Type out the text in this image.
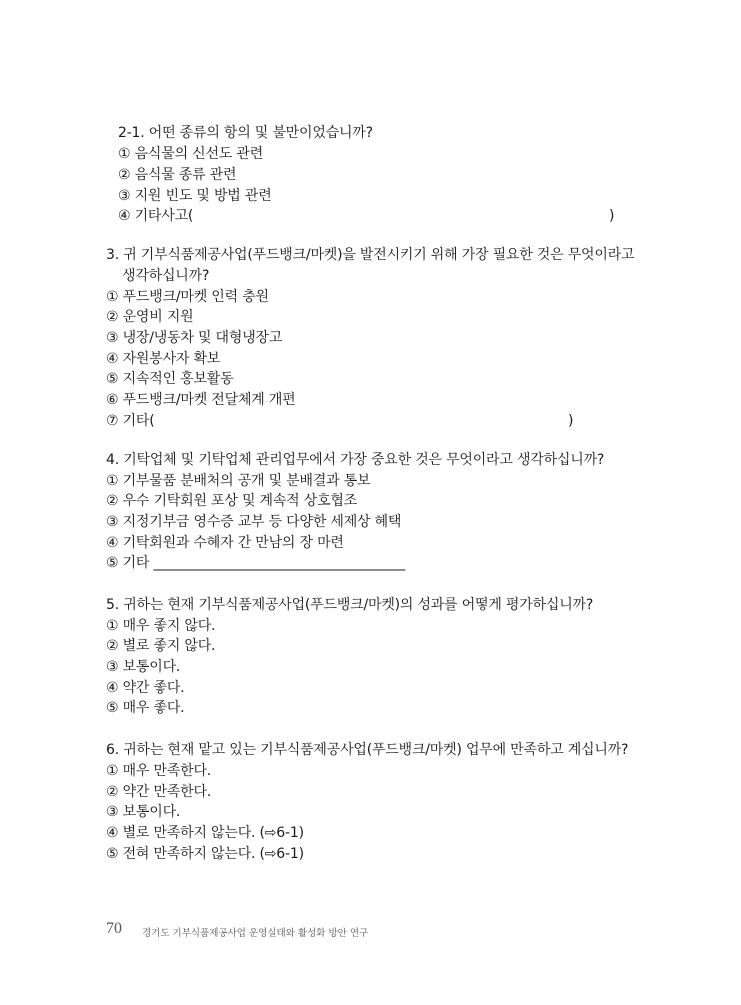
2-1. 어떤 종류의 항의 및 불만이었습니까?
① 음식물의 신선도 관련
② 음식물 종류 관련
③ 지원 빈도 및 방법 관련
④ 기타사고(	)
3. 귀 기부식품제공사업(푸드뱅크/마켓)을 발전시키기 위해 가장 필요한 것은 무엇이라고
생각하십니까?
① 푸드뱅크/마켓 인력 충원
② 운영비 지원
③ 냉장/냉동차 및 대형냉장고
④ 자원봉사자 확보
⑤ 지속적인 홍보활동
⑥ 푸드뱅크/마켓 전달체계 개편
⑦ 기타(	)
4. 기탁업체 및 기탁업체 관리업무에서 가장 중요한 것은 무엇이라고 생각하십니까?
① 기부물품 분배처의 공개 및 분배결과 통보
② 우수 기탁회원 포상 및 계속적 상호협조
③ 지정기부금 영수증 교부 등 다양한 세제상 혜택
④ 기탁회원과 수혜자 간 만남의 장 마련
⑤ 기타 _____________________________________
5. 귀하는 현재 기부식품제공사업(푸드뱅크/마켓)의 성과를 어떻게 평가하십니까?
① 매우 좋지 않다.
② 별로 좋지 않다.
③ 보통이다.
④ 약간 좋다.
⑤ 매우 좋다.
6. 귀하는 현재 맡고 있는 기부식품제공사업(푸드뱅크/마켓) 업무에 만족하고 계십니까?
① 매우 만족한다.
② 약간 만족한다.
③ 보통이다.
④ 별로 만족하지 않는다. (⇨6-1)
⑤ 전혀 만족하지 않는다. (⇨6-1)
70 경기도 기부식품제공사업 운영실태와 활성화 방안 연구
